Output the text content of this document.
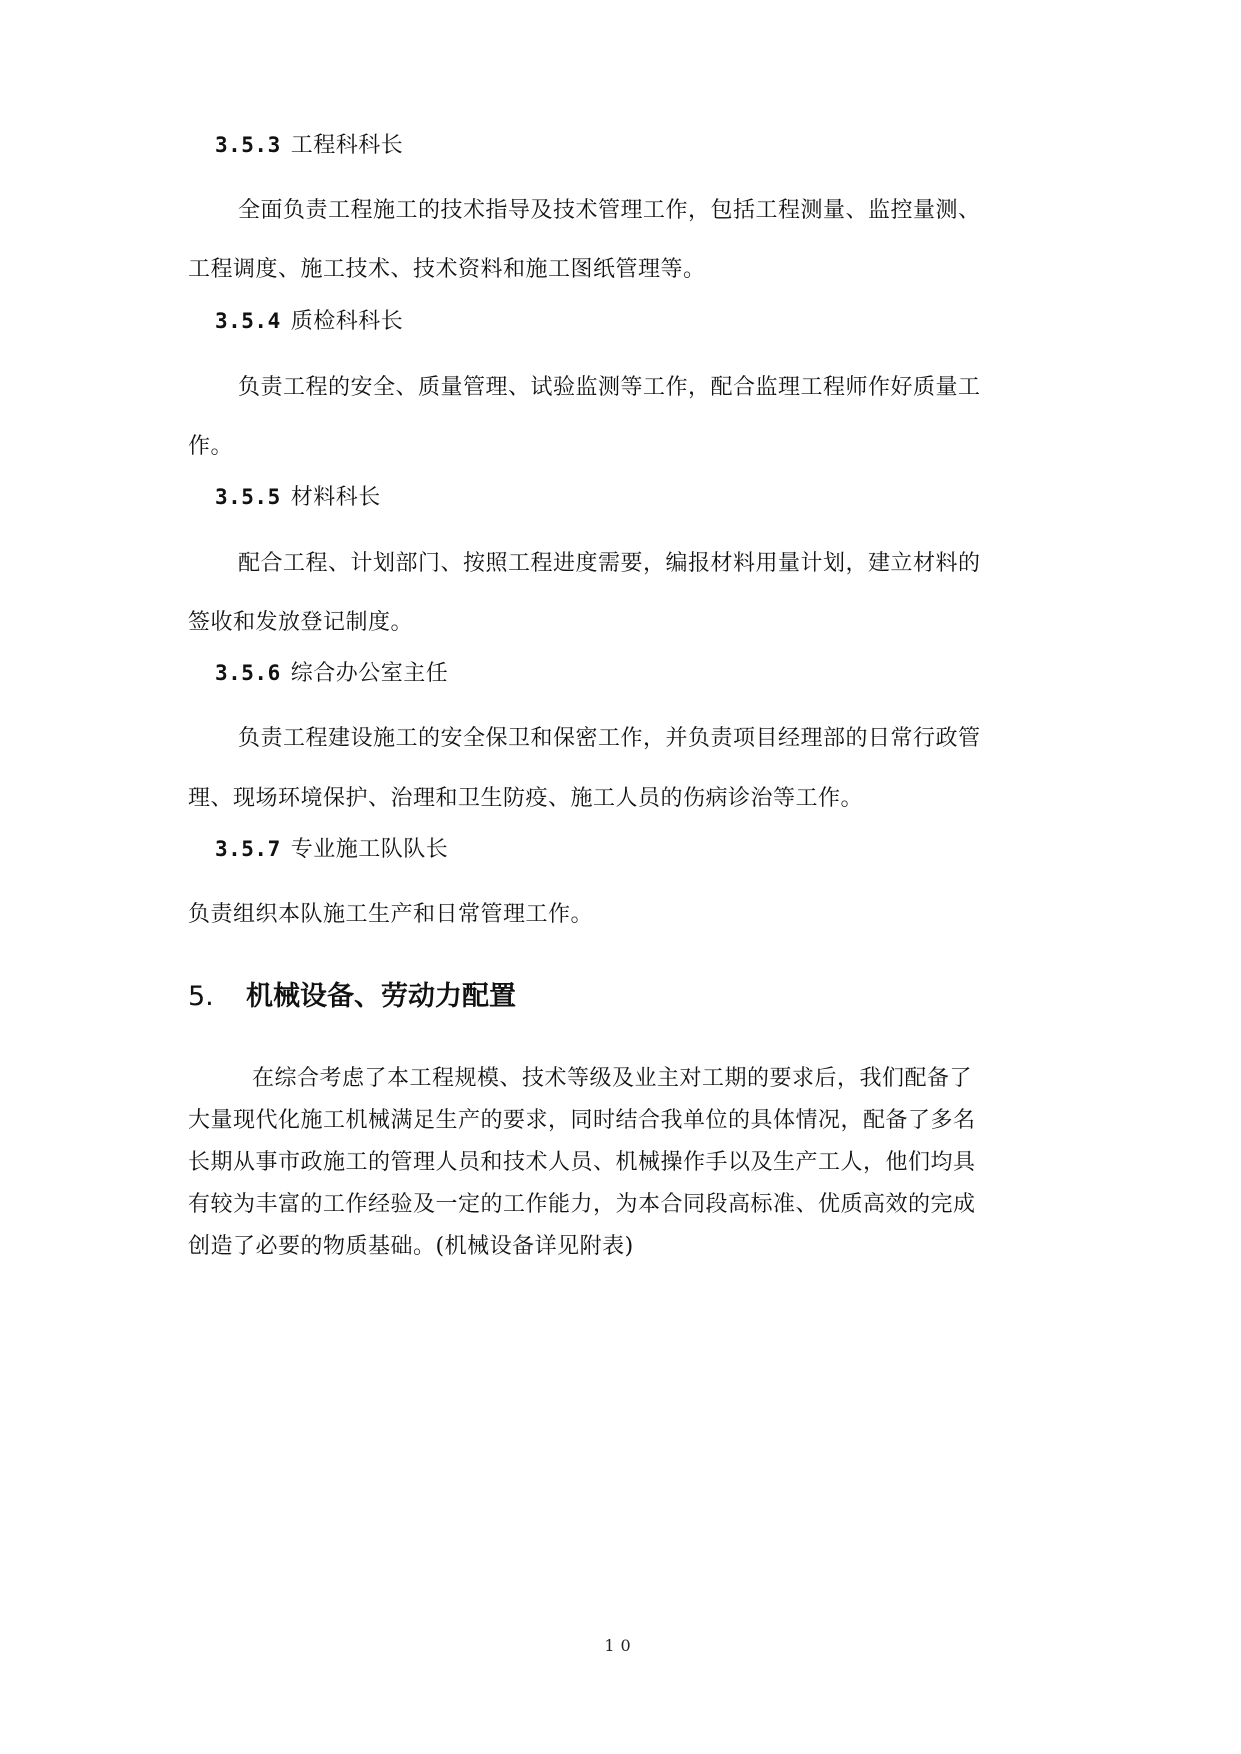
3.5.3 工程科科长
全面负责工程施工的技术指导及技术管理工作，包括工程测量、监控量测、
工程调度、施工技术、技术资料和施工图纸管理等。
3.5.4 质检科科长
负责工程的安全、质量管理、试验监测等工作，配合监理工程师作好质量工
作。
3.5.5 材料科长
配合工程、计划部门、按照工程进度需要，编报材料用量计划，建立材料的
签收和发放登记制度。
3.5.6 综合办公室主任
负责工程建设施工的安全保卫和保密工作，并负责项目经理部的日常行政管
理、现场环境保护、治理和卫生防疫、施工人员的伤病诊治等工作。
3.5.7 专业施工队队长
负责组织本队施工生产和日常管理工作。
5. 机械设备、劳动力配置
在综合考虑了本工程规模、技术等级及业主对工期的要求后，我们配备了
大量现代化施工机械满足生产的要求，同时结合我单位的具体情况，配备了多名
长期从事市政施工的管理人员和技术人员、机械操作手以及生产工人，他们均具
有较为丰富的工作经验及一定的工作能力，为本合同段高标准、优质高效的完成
创造了必要的物质基础。(机械设备详见附表)
10
